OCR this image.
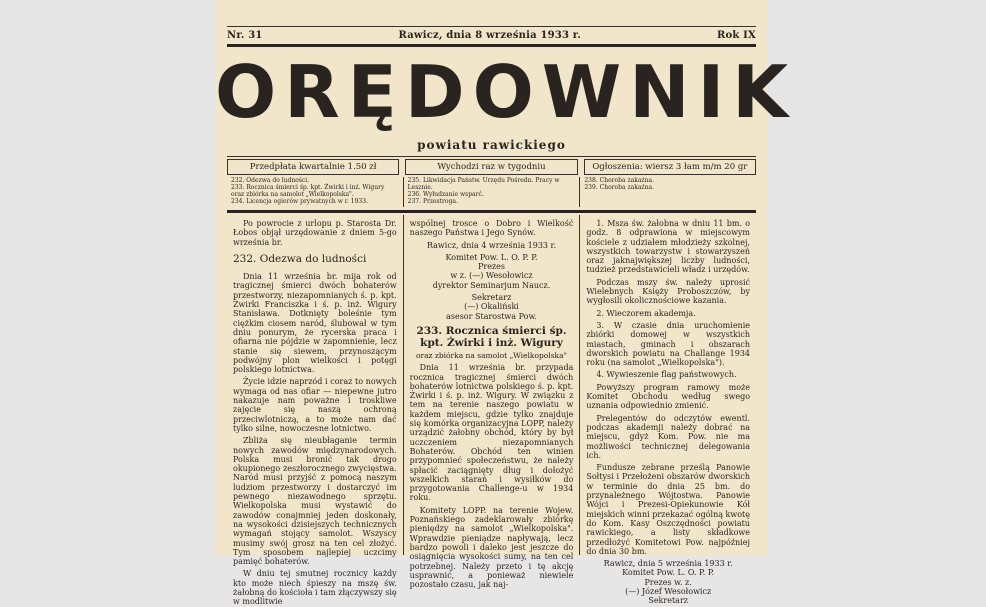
Nr. 31	Rawicz, dnia 8 września 1933 r.	Rok IX
ORĘDOWNIK
powiatu rawickiego
Przedpłata kwartalnie 1.50 zł	Wychodzi raz w tygodniu	Ogłoszenia: wiersz 3 łam m/m 20 gr
232. Odezwa do ludności.
233. Rocznica śmierci śp. kpt. Żwirki i inż. Wigury oraz zbiórka na samolot „Wielkopolska".
234. Licencja ogierów prywatnych w r. 1933.
235. Likwidacja Państw. Urzędu Pośredn. Pracy w Lesznie.
236. Wyłudzanie wsparć.
237. Przestroga.
238. Choroba zakaźna.
239. Choroba zakaźna.

Po powrocie z urlopu p. Starosta Dr. Łobos objął urzędowanie z dniem 5-go września br.

232. Odezwa do ludności

Dnia 11 września br. mija rok od tragicznej śmierci dwóch bohaterów przestworzy, niezapomnianych ś. p. kpt. Żwirki Franciszka i ś. p. inż. Wigury Stanisława. Dotknięty boleśnie tym ciężkim ciosem naród, ślubował w tym dniu ponurym, że rycerska praca i ofiarna nie pójdzie w zapomnienie, lecz stanie się siewem, przynoszącym podwójny plon wielkości i potęgi polskiego lotnictwa.

Życie idzie naprzód i coraz to nowych wymaga od nas ofiar — niepewne jutro nakazuje nam poważne i troskliwe zajęcie się naszą ochroną przeciwlotniczą, a to może nam dać tylko silne, nowoczesne lotnictwo.

Zbliża się nieubłaganie termin nowych zawodów międzynarodowych. Polska musi bronić tak drogo okupionego zeszłorocznego zwycięstwa. Naród musi przyjść z pomocą naszym ludziom przestworzy i dostarczyć im pewnego niezawodnego sprzętu. Wielkopolska musi wystawić do zawodów conajmniej jeden doskonały, na wysokości dzisiejszych technicznych wymagań stojący samolot. Wszyscy musimy swój grosz na ten cel złożyć. Tym sposobem najlepiej uczcimy pamięć bohaterów.

W dniu tej smutnej rocznicy każdy kto może niech śpieszy na mszę św. żałobną do kościoła i tam złączywszy się w modlitwie

wspólnej trosce o Dobro i Wielkość naszego Państwa i Jego Synów.

Rawicz, dnia 4 września 1933 r.

Komitet Pow. L. O. P. P.

Prezes

w z. (—) Wesołowicz

dyrektor Seminarjum Naucz.

Sekretarz

(—) Okaliński

asesor Starostwa Pow.

233. Rocznica śmierci śp. kpt. Żwirki i inż. Wigury
oraz zbiórka na samolot „Wielkopolska"

Dnia 11 września br. przypada rocznica tragicznej śmierci dwóch bohaterów lotnictwa polskiego ś. p. kpt. Żwirki i ś. p. inż. Wigury. W związku z tem na terenie naszego powiatu w każdem miejscu, gdzie tylko znajduje się komórka organizacyjna LOPP, należy urządzić żałobny obchód, który by był uczczeniem niezapomnianych Bohaterów. Obchód ten winien przypomnieć społeczeństwu, że należy spłacić zaciągnięty dług i dołożyć wszelkich starań i wysiłków do przygotowania Challenge-u w 1934 roku.

Komitety LOPP. na terenie Wojew. Poznańskiego zadeklarowały zbiórkę pieniędzy na samolot „Wielkopolska". Wprawdzie pieniądze napływają, lecz bardzo powoli i daleko jest jeszcze do osiągnięcia wysokości sumy, na ten cel potrzebnej. Należy przeto i tę akcję usprawnić, a ponieważ niewiele pozostało czasu, jak naj-

1. Msza św. żałobna w dniu 11 bm. o godz. 8 odprawiona w miejscowym kościele z udziałem młodzieży szkolnej, wszystkich towarzystw i stowarzyszeń oraz jaknajwiększej liczby ludności, tudzież przedstawicieli władz i urzędów.

Podczas mszy św. należy uprosić Wielebnych Księży Proboszczów, by wygłosili okolicznościowe kazania.

2. Wieczorem akademja.

3. W czasie dnia uruchomienie zbiórki domowej w wszystkich miastach, gminach i obszarach dworskich powiatu na Challange 1934 roku (na samolot „Wielkopolska").

4. Wywieszenie flag państwowych.

Powyższy program ramowy może Komitet Obchodu według swego uznania odpowiednio zmienić.

Prelegentów do odczytów ewentl. podczas akademji należy dobrać na miejscu, gdyż Kom. Pow. nie ma możliwości technicznej delegowania ich.

Fundusze zebrane prześlą Panowie Sołtysi i Przełożeni obszarów dworskich w terminie do dnia 25 bm. do przynależnego Wójtostwa. Panowie Wójci i Prezesi-Opiekunowie Kół miejskich winni przekazać ogólną kwotę do Kom. Kasy Oszczędności powiatu rawickiego, a listy składkowe przedłożyć Komitetowi Pow. najpóźniej do dnia 30 bm.

Rawicz, dnia 5 września 1933 r.

Komitet Pow. L. O. P. P.

Prezes w. z.

(—) Józef Wesołowicz

Sekretarz
